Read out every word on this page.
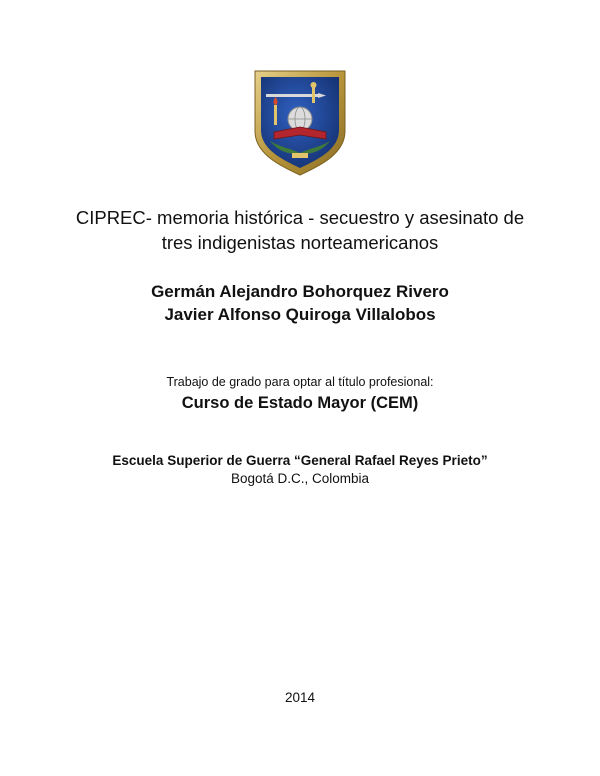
CIPREC- memoria histórica - secuestro y asesinato de
tres indigenistas norteamericanos
Germán Alejandro Bohorquez Rivero
Javier Alfonso Quiroga Villalobos
Trabajo de grado para optar al título profesional:
Curso de Estado Mayor (CEM)
Escuela Superior de Guerra “General Rafael Reyes Prieto”
Bogotá D.C., Colombia
2014
